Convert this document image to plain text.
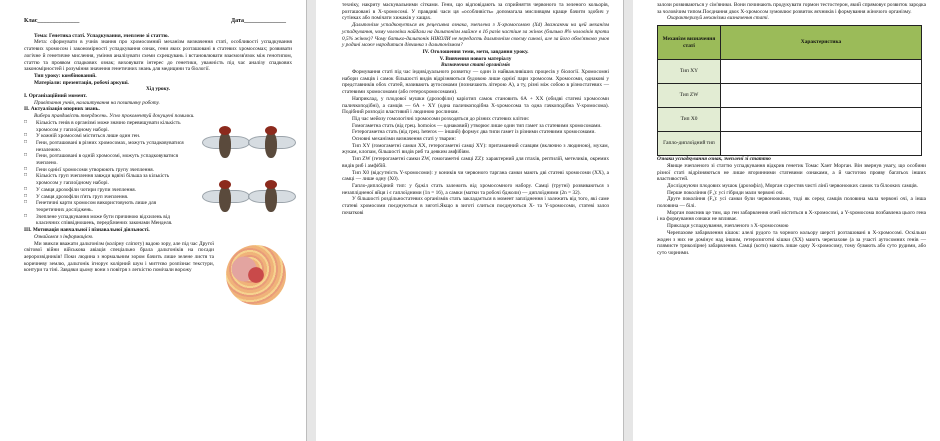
Клас______________	Дата______________

Тема: Генетика статі. Успадкування, зчеплене зі статтю.

Мета: сформувати в учнів знання про хромосомний механізм визначення статі, особливості успадкування статевих хромосом і закономірності успадкування ознак, гени яких розташовані в статевих хромосомах; розвивати логічне й генетичне мислення, уміння аналізувати схеми схрещувань і встановлювати взаємозв'язок між генотипом, статтю та проявом спадкових ознак; виховувати інтерес до генетики, уважність під час аналізу спадкових закономірностей і розуміння значення генетичних знань для медицини та біології.

Тип уроку: комбінований.

Матеріали: презентація, робочі аркуші.

Хід уроку.

І. Організаційний момент.

Привітання учнів, налаштування на позитивну роботу.

ІІ. Актуалізація опорних знань.

Вибери правдивість тверджень. Усно прокоментуй докущені помилки.

□ Кількість генів в організмі може значно перевищувати кількість хромосом у гаплоїдному наборі.

□ У кожній хромосомі міститься лише один ген.

□ Гени, розташовані в різних хромосомах, можуть успадковуватися незалежно.

□ Гени, розташовані в одній хромосомі, можуть успадковуватися зчеплено.

□ Гени однієї хромосоми утворюють групу зчеплення.

□ Кількість груп зчеплення завжди вдвічі більша за кількість хромосом у гаплоїдному наборі.

□ У самця дрозофіли чотири групи зчеплення.

□ У самця дрозофіли п'ять груп зчеплення.

□ Генетичні карти хромосом використовують лише для теоретичних досліджень.

□ Зчеплене успадкування може бути причиною відхилень від класичних співвідношень, передбачених законами Менделя.

ІІІ. Мотивація навчальної і пізнавальної діяльності.

Ознайомся з інформацією.

Ми звикли вважати дальтонізм (колірну сліпоту) вадою зору, але під час Другої світової війни військова авіація спеціально брала дальтоніків на посади аеророзвідників! Поки людина з нормальним зором бачить лише зелене листя та коричневу землю, дальтонік ігнорує колірний шум і миттєво розпізнає текстури, контури та тіні. Завдяки цьому вони з повітря з легкістю помічали ворожу

техніку, накриту маскувальними сітками. Гени, що відповідають за сприйняття червоного та зеленого кольорів, розташовані в Х-хромосомі. У правдиві часи ця «особливість» допомагала мисливцям краще бачити здобич у сутінках або помічати хижаків у хащах.

Дальтонізм успадковується як рецесивна ознака, зчеплена з Х-хромосомою (Xd) Зважаючи на цей механізм успадкування, чому чоловіки найдали на дальтонізм майже в 16 разів частіше за жінок (близько 8% чоловіків проти 0,5% жінок)? Чому батько-дальтонік НІКОЛИ не передасть дальтонізм своєму синові, але за його обов'язково умов у родині може народитися дівчинка з дальтонізмом?

IV. Оголошення теми, мети, завдання уроку.

V. Вивчення нового матеріалу

Визначення статі організмів

Формування статі під час індивідуального розвитку — один із найважливіших процесів у біології. Хромосомні набори самців і самок більшості видів відрізняються будовою лише однієї пари хромосом. Хромосоми, однакові у представників обох статей, називають аутосомами (позначають літерою А), а ту, різні між собою в різностатевих — статевими хромосомами (або гетерохромосомами).

Наприклад, у плодової мушки (дрозофіли) каріотип самок становить 6А + ХХ (обидві статеві хромосоми паличкоподібні), а самців — 6А + ХY (одна паличкоподібна Х-хромосома та одна гачкоподібна Y-хромосома). Подібний розподіл властивий і людиною рослинам.

Під час мейозу гомологічні хромосоми розходяться до різних статевих клітин:

Гомогаметна стать (від грец. homoios — однаковий) утворює лише один тип гамет за статевими хромосомами.

Гетерогаметна стать (від грец. heteros — інший) формує два типи гамет із різними статевими хромосомами.

Основні механізми визначення статі у тварин:

Тип XY (гомогаметні самки XX, гетерогаметні самці XY): притаманний ссавцям (включно з людиною), мухам, жукам, клопам, більшості видів риб та деяким амфібіям.

Тип ZW (гетерогаметні самки ZW, гомогаметні самці ZZ): характерний для птахів, рептилій, метеликів, окремих видів риб і амфібій.

Тип Х0 (відсутність Y-хромосоми): у коників чи червоного таргана самки мають дві статеві хромосоми (ХХ), а самці — лише одну (Х0).

Гапло-диплоїдний тип: у бджіл стать залежить від хромосомного набору. Самці (трутні) розвиваються з незаплідненої яйця і є гаплоїдними (1n = 16), а самки (матки та робочі бджоли) — диплоїдними (2n = 32).

У більшості роздільностатевих організмів стать закладається в момент запліднення і залежить від того, які саме статеві хромосоми поєднуються в зиготі.Якщо в зиготі слиться поєднуються Х- та Y-хромосоми, статеві залоз початкові

залози розвиваються у сім'яники. Вони починають продукувати гормон тестостерон, який спрямовує розвиток зародка за чоловічим типом.Поєднання двох Х-хромосом зумовлює розвиток яєчників і формування жіночого організму.

Охарактеризуй механізми визначення статі.

Механізм визначення статі	Характеристика
Тип XY	
Тип ZW	
Тип Х0	
Гапло-диплоїдний тип	

Ознаки успадкування ознак, зчеплені зі статтю

Явище зчепленого зі статтю успадкування відкрив генетик Томас Хант Морган. Він звернув увагу, що особини різної статі відрізняються не лише вторинними статевими ознаками, а й частотою прояву багатьох інших властивостей.

Досліджуючи плодових мушок (дрозофіл), Морган схрестив чисті лінії червонооких самок та білооких самців.

Перше покоління (F₁): усі гібриди мали червоні очі.

Друге покоління (F₂): усі самки були червоноокими, тоді як серед самців половина мала червоні очі, а інша половина — білі.

Морган пояснив це тим, що ген забарвлення очей міститься в Х-хромосомі, а Y-хромосома позбавлена цього гена і на формування ознаки не впливає.

Приклади успадкування, зчепленого з Х-хромосомою

Черепахове забарвлення кішок: алелі рудого та чорного кольору шерсті розташовані в Х-хромосомі. Оскільки жоден з них не домінує над іншим, гетерозиготні кішки (ХХ) мають черепахове (а за участі аутосомних генів — плямисте триколірне) забарвлення. Самці (коти) мають лише одну Х-хромосому, тому бувають або суто рудими, або суто чорними.
